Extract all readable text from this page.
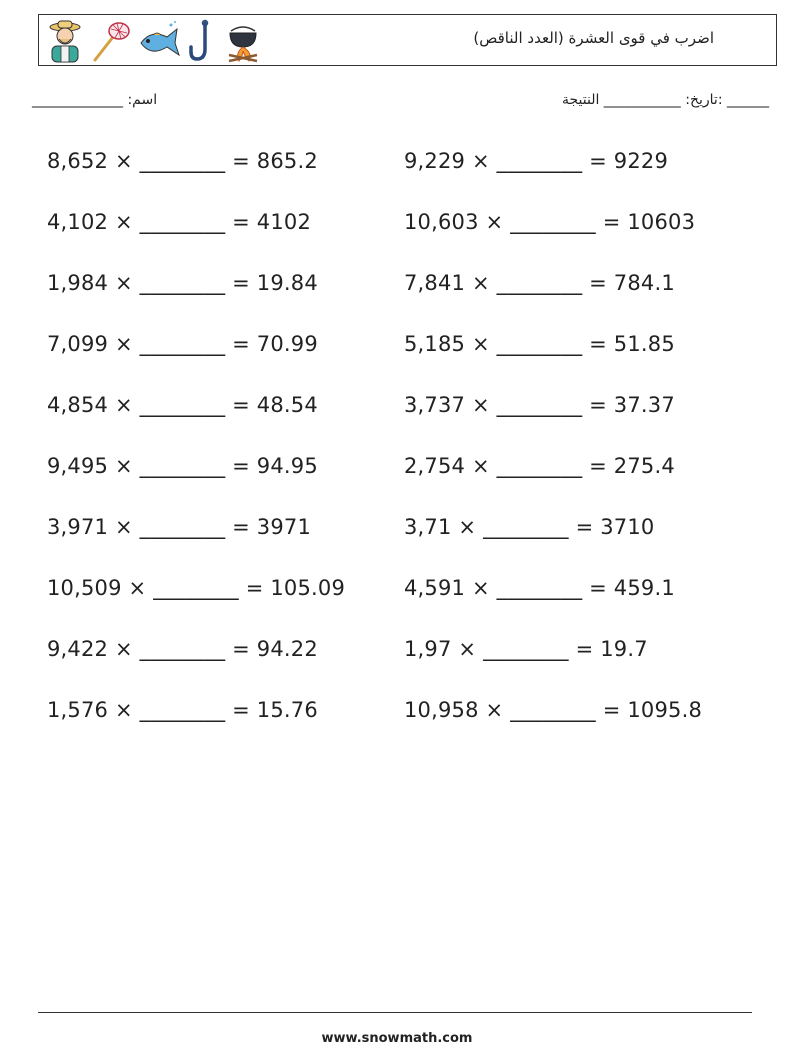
اضرب في قوى العشرة (العدد الناقص)
______ :تاريخ: ___________ النتيجة
اسم: _____________
8,652 × ________ = 865.2
4,102 × ________ = 4102
1,984 × ________ = 19.84
7,099 × ________ = 70.99
4,854 × ________ = 48.54
9,495 × ________ = 94.95
3,971 × ________ = 3971
10,509 × ________ = 105.09
9,422 × ________ = 94.22
1,576 × ________ = 15.76
9,229 × ________ = 9229
10,603 × ________ = 10603
7,841 × ________ = 784.1
5,185 × ________ = 51.85
3,737 × ________ = 37.37
2,754 × ________ = 275.4
3,71 × ________ = 3710
4,591 × ________ = 459.1
1,97 × ________ = 19.7
10,958 × ________ = 1095.8
www.snowmath.com
